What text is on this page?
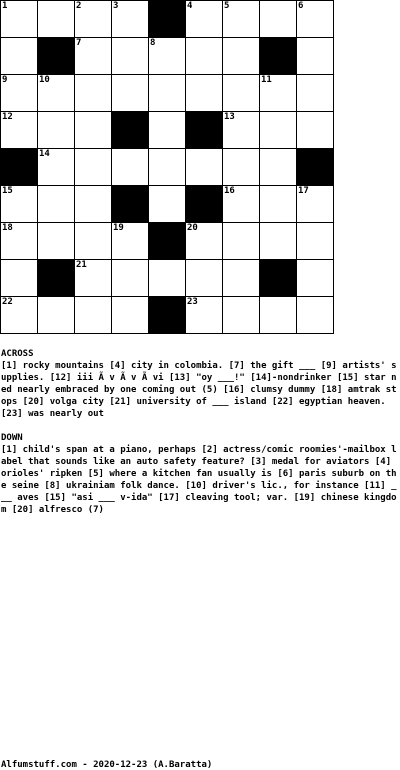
1	2	3	4	5	6
7	8
9	10	11
12	13
14
15	16	17
18	19	20
21
22	23

ACROSS

[1] rocky mountains [4] city in colombia. [7] the gift ___ [9] artists' supplies. [12] iii Ã v Ã v Ã vi [13] "oy ___!" [14]-nondrinker [15] star ned nearly embraced by one coming out (5) [16] clumsy dummy [18] amtrak stops [20] volga city [21] university of ___ island [22] egyptian heaven. [23] was nearly out

DOWN

[1] child's span at a piano, perhaps [2] actress/comic roomies'-mailbox label that sounds like an auto safety feature? [3] medal for aviators [4] orioles' ripken [5] where a kitchen fan usually is [6] paris suburb on the seine [8] ukrainiam folk dance. [10] driver's lic., for instance [11] ___ aves [15] "asi ___ v-ida" [17] cleaving tool; var. [19] chinese kingdom [20] alfresco (7)

Alfumstuff.com - 2020-12-23 (A.Baratta)
